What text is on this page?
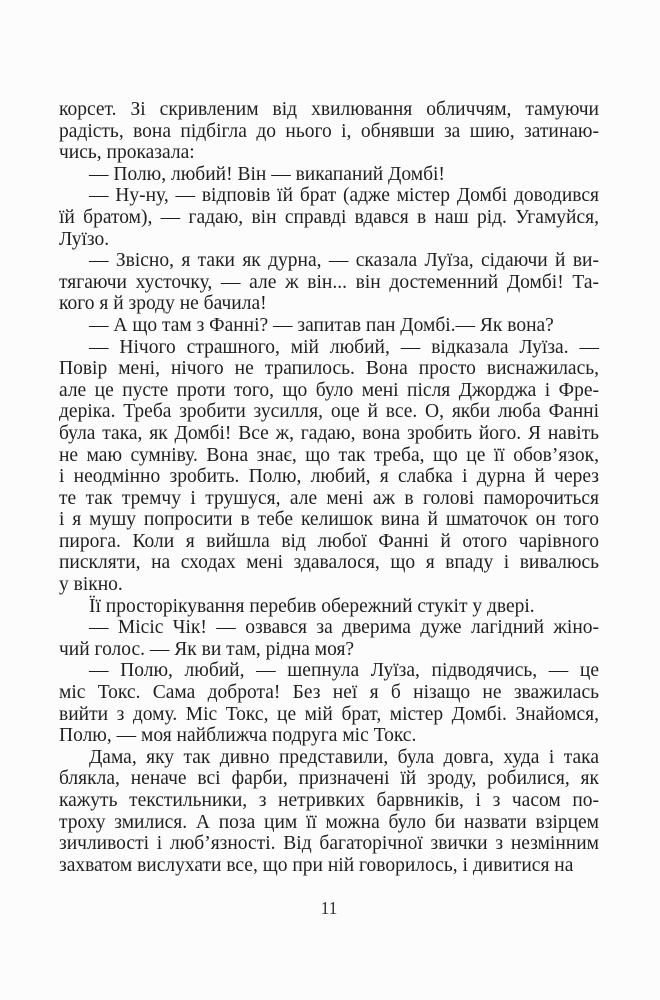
корсет. Зі скривленим від хвилювання обличчям, тамуючи
радість, вона підбігла до нього і, обнявши за шию, затинаю-
чись, проказала:
— Полю, любий! Він — викапаний Домбі!
— Ну-ну, — відповів їй брат (адже містер Домбі доводився
їй братом), — гадаю, він справді вдався в наш рід. Угамуйся,
Луїзо.
— Звісно, я таки як дурна, — сказала Луїза, сідаючи й ви-
тягаючи хусточку, — але ж він... він достеменний Домбі! Та-
кого я й зроду не бачила!
— А що там з Фанні? — запитав пан Домбі.— Як вона?
— Нічого страшного, мій любий, — відказала Луїза. —
Повір мені, нічого не трапилось. Вона просто виснажилась,
але це пусте проти того, що було мені після Джорджа і Фре-
деріка. Треба зробити зусилля, оце й все. О, якби люба Фанні
була така, як Домбі! Все ж, гадаю, вона зробить його. Я навіть
не маю сумніву. Вона знає, що так треба, що це її обов’язок,
і неодмінно зробить. Полю, любий, я слабка і дурна й через
те так тремчу і трушуся, але мені аж в голові паморочиться
і я мушу попросити в тебе келишок вина й шматочок он того
пирога. Коли я вийшла від любої Фанні й отого чарівного
пискляти, на сходах мені здавалося, що я впаду і вивалюсь
у вікно.
Її просторікування перебив обережний стукіт у двері.
— Місіс Чік! — озвався за дверима дуже лагідний жіно-
чий голос. — Як ви там, рідна моя?
— Полю, любий, — шепнула Луїза, підводячись, — це
міс Токс. Сама доброта! Без неї я б нізащо не зважилась
вийти з дому. Міс Токс, це мій брат, містер Домбі. Знайомся,
Полю, — моя найближча подруга міс Токс.
Дама, яку так дивно представили, була довга, худа і така
блякла, неначе всі фарби, призначені їй зроду, робилися, як
кажуть текстильники, з нетривких барвників, і з часом по-
троху змилися. А поза цим її можна було би назвати взірцем
зичливості і люб’язності. Від багаторічної звички з незмінним
захватом вислухати все, що при ній говорилось, і дивитися на
11
